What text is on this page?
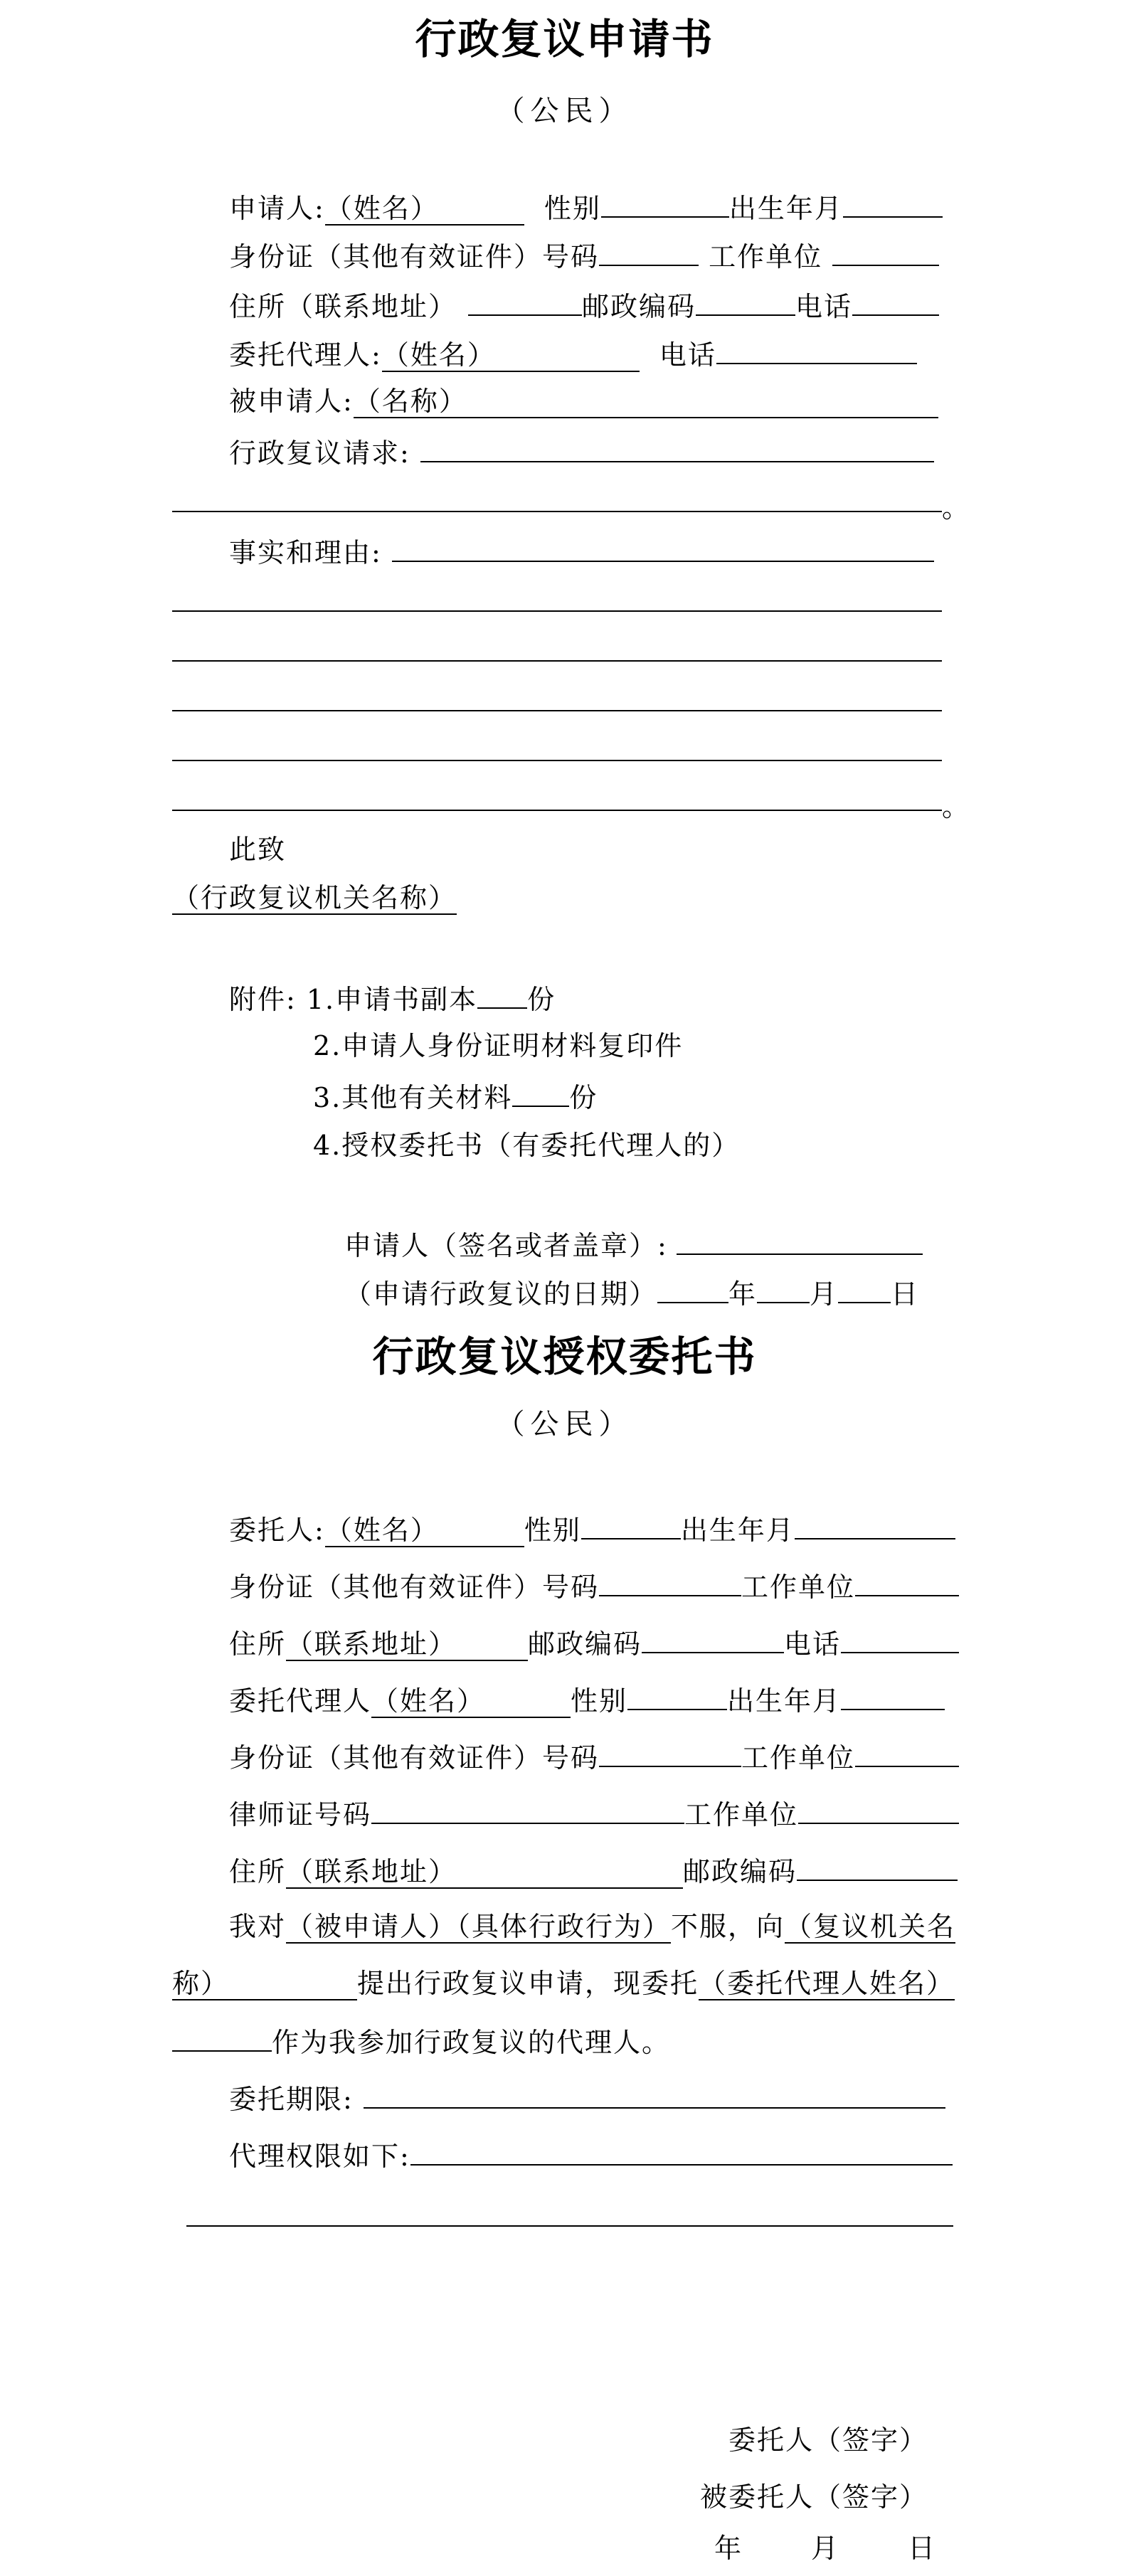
行政复议申请书
（公民）
申请人:（姓名）	性别	出生年月
身份证（其他有效证件）号码	工作单位
住所（联系地址）	邮政编码	电话
委托代理人:（姓名）	电话
被申请人:（名称）
行政复议请求:
。
事实和理由:
。
此致
（行政复议机关名称）
附件: 1.申请书副本 份
2.申请人身份证明材料复印件
3.其他有关材料 份
4.授权委托书（有委托代理人的）
申请人（签名或者盖章）:
（申请行政复议的日期）	年 月 日
行政复议授权委托书
（公民）
委托人:（姓名）	性别	出生年月
身份证（其他有效证件）号码	工作单位
住所（联系地址）	邮政编码	电话
委托代理人（姓名）	性别	出生年月
身份证（其他有效证件）号码	工作单位
律师证号码	工作单位
住所（联系地址）	邮政编码
我对（被申请人）（具体行政行为）不服，向（复议机关名
称）	提出行政复议申请，现委托（委托代理人姓名）
作为我参加行政复议的代理人。
委托期限:
代理权限如下:
委托人（签字）
被委托人（签字）
年	月	日
